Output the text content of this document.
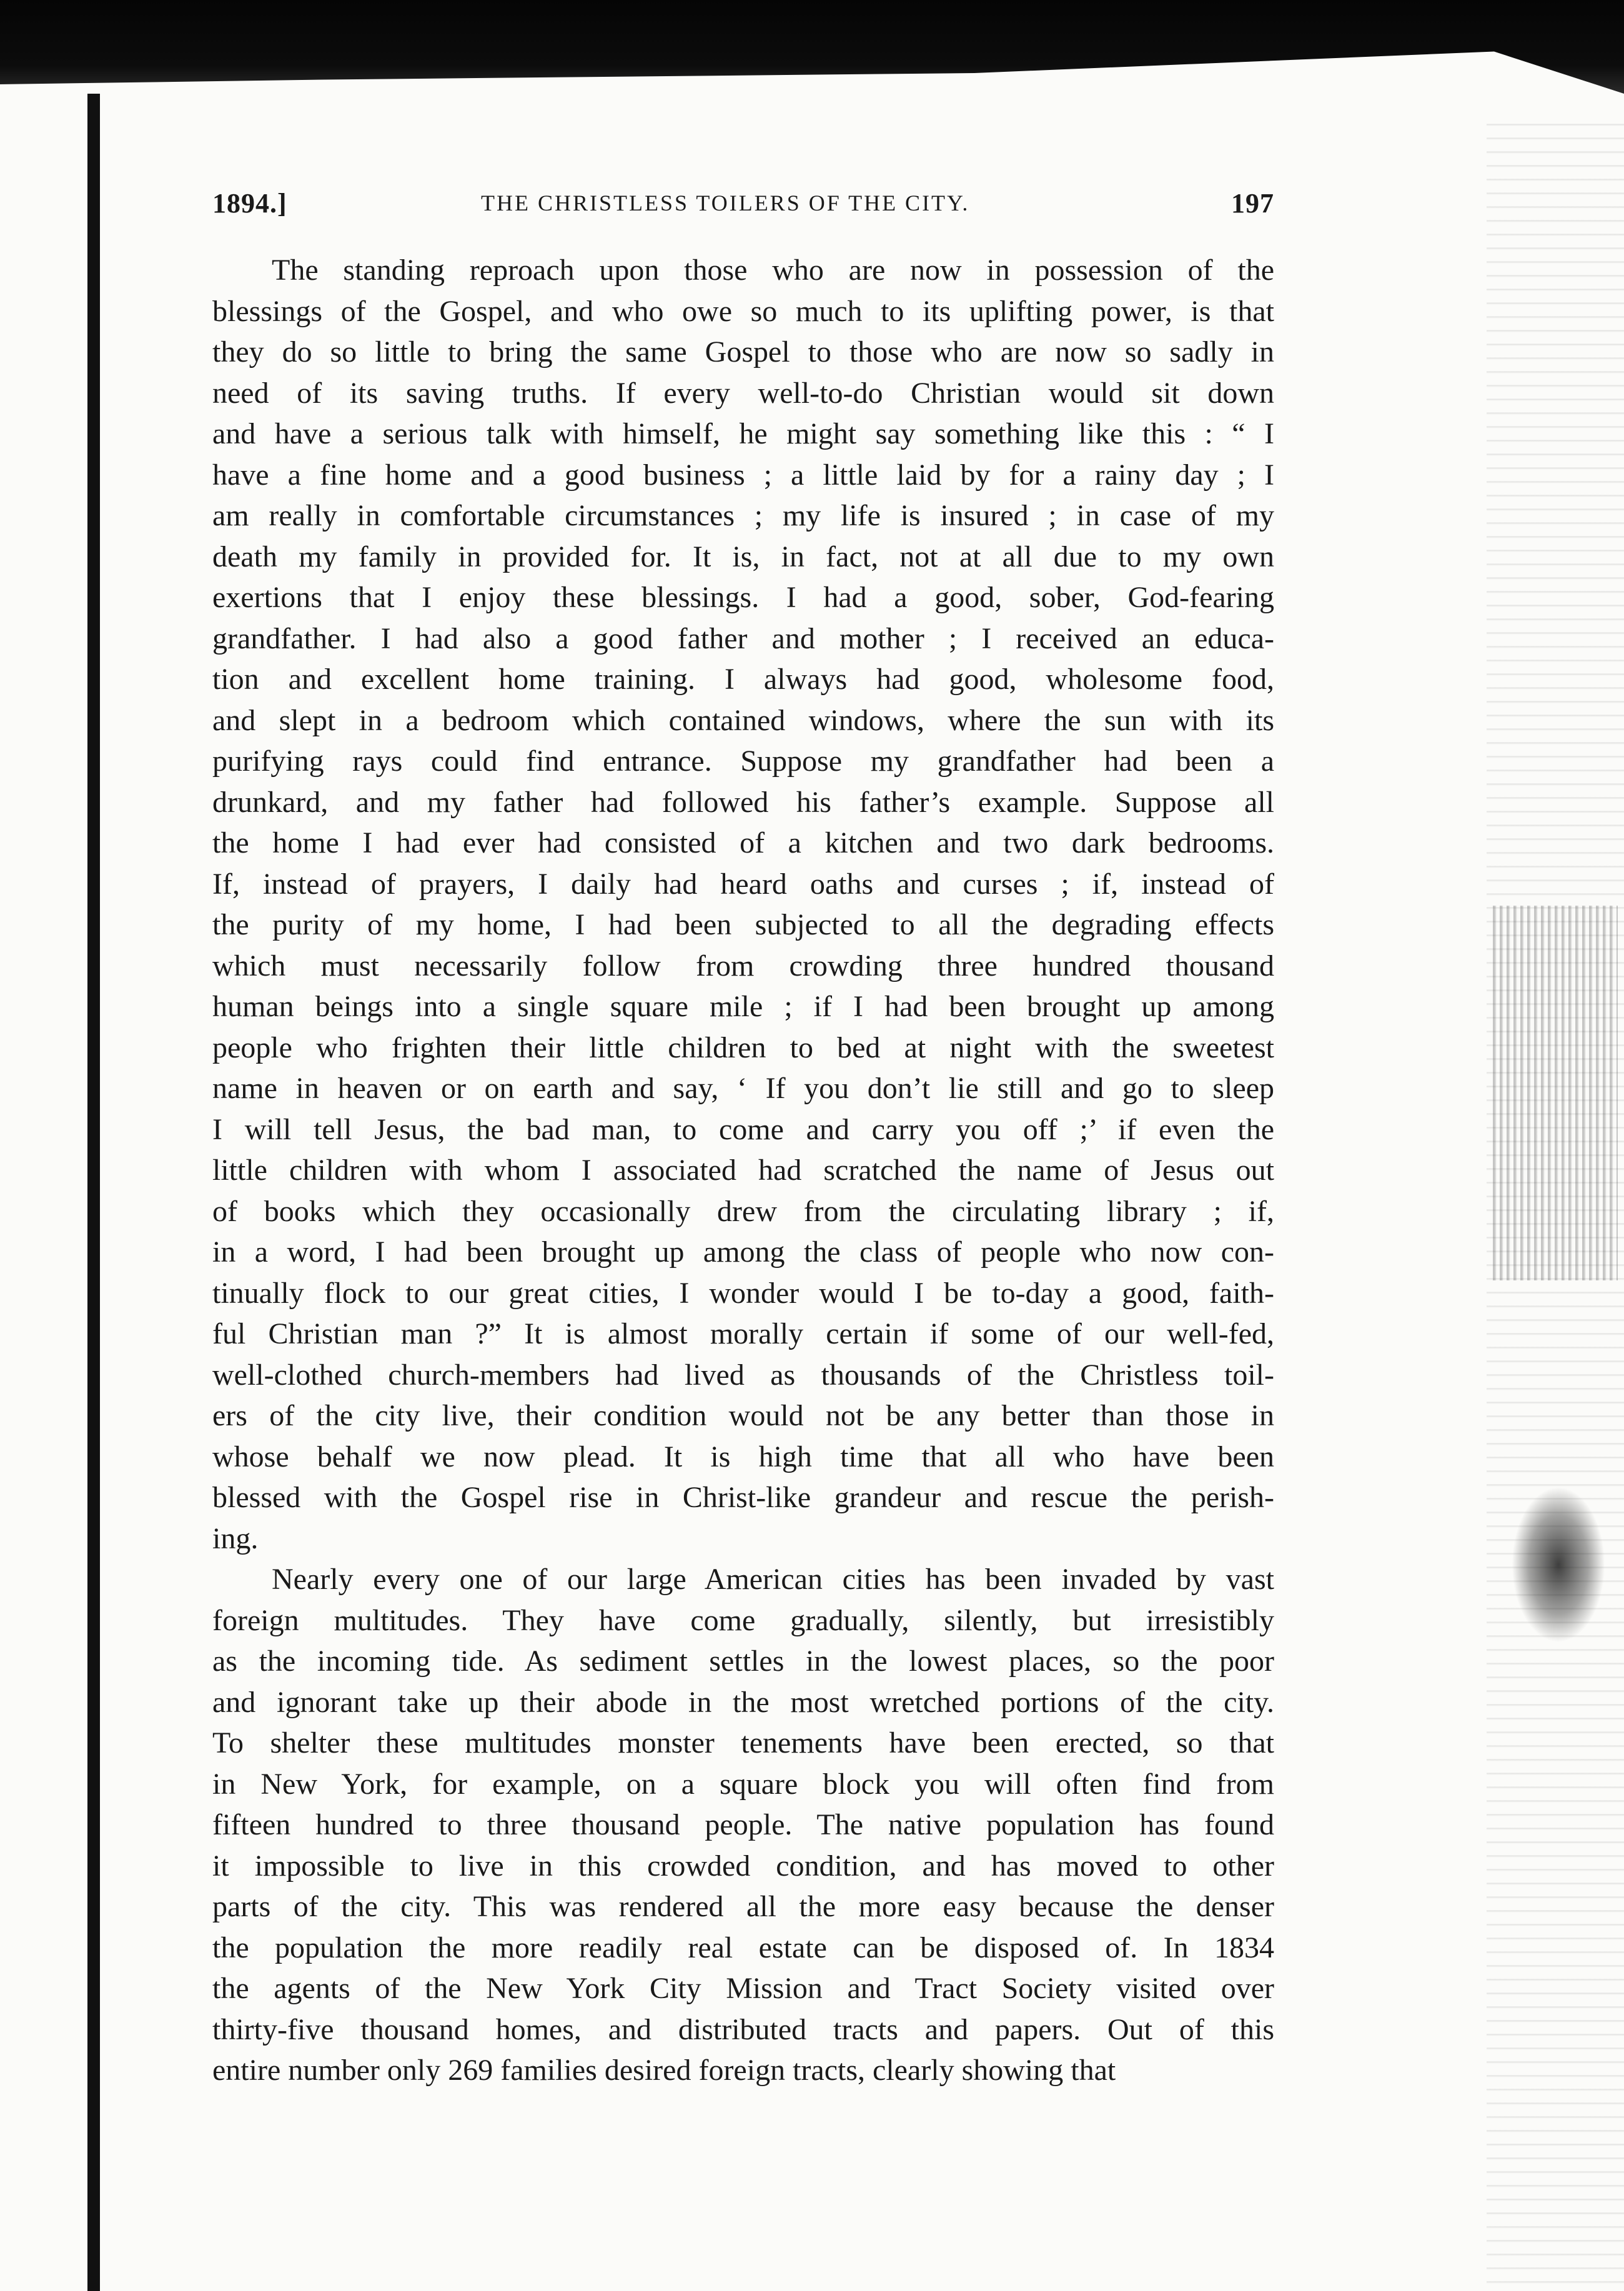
1894.]	THE CHRISTLESS TOILERS OF THE CITY.	197
The standing reproach upon those who are now in possession of the
blessings of the Gospel, and who owe so much to its uplifting power, is that
they do so little to bring the same Gospel to those who are now so sadly in
need of its saving truths. If every well-to-do Christian would sit down
and have a serious talk with himself, he might say something like this : “ I
have a fine home and a good business ; a little laid by for a rainy day ; I
am really in comfortable circumstances ; my life is insured ; in case of my
death my family in provided for. It is, in fact, not at all due to my own
exertions that I enjoy these blessings. I had a good, sober, God-fearing
grandfather. I had also a good father and mother ; I received an educa-
tion and excellent home training. I always had good, wholesome food,
and slept in a bedroom which contained windows, where the sun with its
purifying rays could find entrance. Suppose my grandfather had been a
drunkard, and my father had followed his father’s example. Suppose all
the home I had ever had consisted of a kitchen and two dark bedrooms.
If, instead of prayers, I daily had heard oaths and curses ; if, instead of
the purity of my home, I had been subjected to all the degrading effects
which must necessarily follow from crowding three hundred thousand
human beings into a single square mile ; if I had been brought up among
people who frighten their little children to bed at night with the sweetest
name in heaven or on earth and say, ‘ If you don’t lie still and go to sleep
I will tell Jesus, the bad man, to come and carry you off ;’ if even the
little children with whom I associated had scratched the name of Jesus out
of books which they occasionally drew from the circulating library ; if,
in a word, I had been brought up among the class of people who now con-
tinually flock to our great cities, I wonder would I be to-day a good, faith-
ful Christian man ?” It is almost morally certain if some of our well-fed,
well-clothed church-members had lived as thousands of the Christless toil-
ers of the city live, their condition would not be any better than those in
whose behalf we now plead. It is high time that all who have been
blessed with the Gospel rise in Christ-like grandeur and rescue the perish-
ing.
Nearly every one of our large American cities has been invaded by vast
foreign multitudes. They have come gradually, silently, but irresistibly
as the incoming tide. As sediment settles in the lowest places, so the poor
and ignorant take up their abode in the most wretched portions of the city.
To shelter these multitudes monster tenements have been erected, so that
in New York, for example, on a square block you will often find from
fifteen hundred to three thousand people. The native population has found
it impossible to live in this crowded condition, and has moved to other
parts of the city. This was rendered all the more easy because the denser
the population the more readily real estate can be disposed of. In 1834
the agents of the New York City Mission and Tract Society visited over
thirty-five thousand homes, and distributed tracts and papers. Out of this
entire number only 269 families desired foreign tracts, clearly showing that
